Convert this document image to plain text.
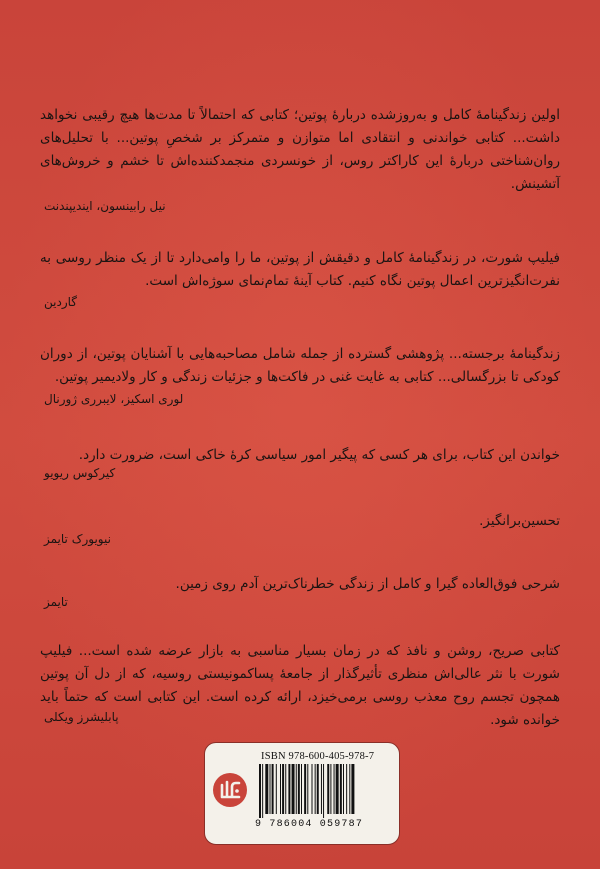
اولین زندگینامهٔ کامل و به‌روزشده دربارهٔ پوتین؛ کتابی که احتمالاً تا مدت‌ها هیچ رقیبی نخواهد داشت... کتابی خواندنی و انتقادی اما متوازن و متمرکز بر شخصِ پوتین... با تحلیل‌های روان‌شناختی دربارهٔ این کاراکتر روس، از خونسردی منجمدکننده‌اش تا خشم و خروش‌های آتشینش.
نیل رابینسون، ایندیپندنت
فیلیپ شورت، در زندگینامهٔ کامل و دقیقش از پوتین، ما را وامی‌دارد تا از یک منظر روسی به نفرت‌انگیزترین اعمال پوتین نگاه کنیم. کتاب آینهٔ تمام‌نمای سوژه‌اش است.
گاردین
زندگینامهٔ برجسته... پژوهشی گسترده از جمله شامل مصاحبه‌هایی با آشنایان پوتین، از دوران کودکی تا بزرگسالی... کتابی به غایت غنی در فاکت‌ها و جزئیات زندگی و کار ولادیمیر پوتین.
لوری اسکیز، لایبرری ژورنال
خواندن این کتاب، برای هر کسی که پیگیر امور سیاسی کرهٔ خاکی است، ضرورت دارد.
کیرکوس ریویو
تحسین‌برانگیز.
نیویورک تایمز
شرحی فوق‌العاده گیرا و کامل از زندگی خطرناک‌ترین آدم روی زمین.
تایمز
کتابی صریح، روشن و نافذ که در زمان بسیار مناسبی به بازار عرضه شده است... فیلیپ شورت با نثر عالی‌اش منظری تأثیرگذار از جامعهٔ پساکمونیستی روسیه، که از دل آن پوتین همچون تجسم روح معذب روسی برمی‌خیزد، ارائه کرده است. این کتابی است که حتماً باید خوانده شود.
پابلیشرز ویکلی
ISBN 978-600-405-978-7
9 786004 059787
